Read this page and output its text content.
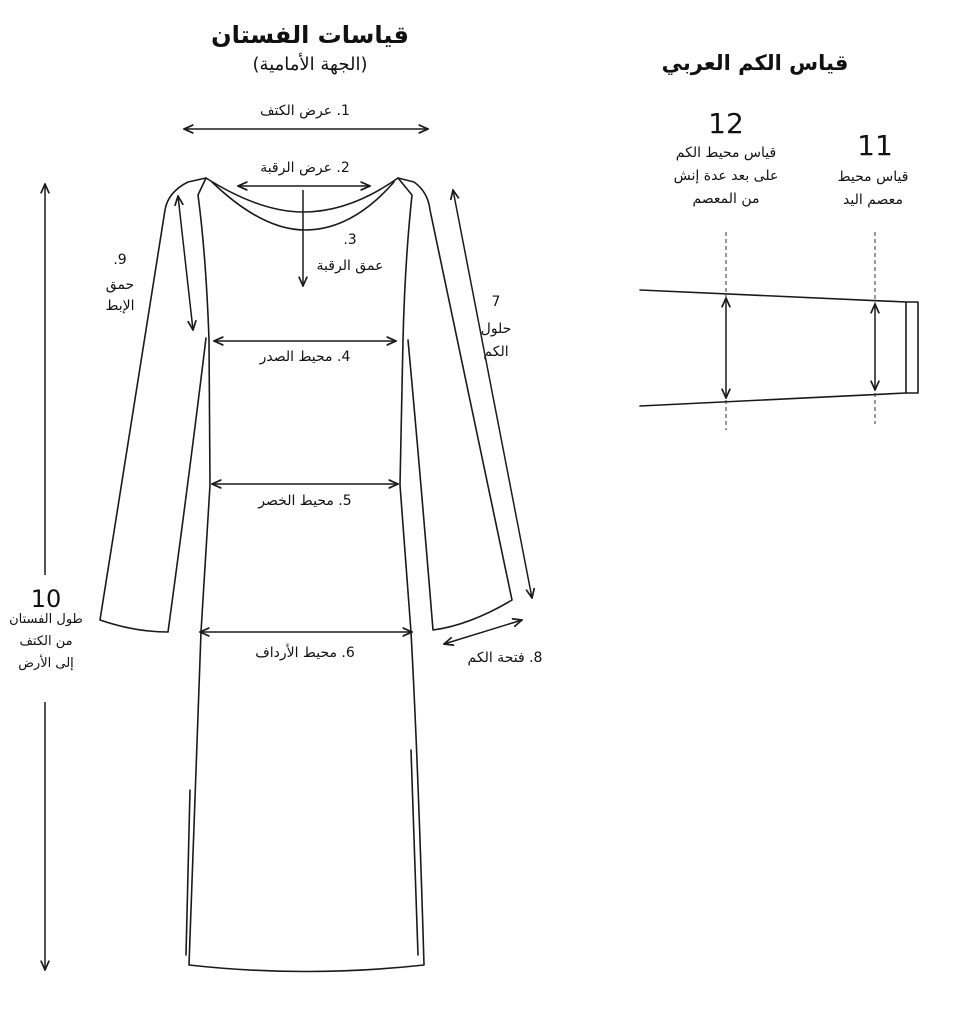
قياسات الفستان
(الجهة الأمامية)
1. عرض الكتف
2. عرض الرقبة
3.
عمق الرقبة
4. محيط الصدر
5. محيط الخصر
6. محيط الأرداف
7
حلول
الكم
8. فتحة الكم
9.
حمق
الإبط
10
طول الفستان
من الكتف
إلى الأرض
قياس الكم العربي
12
قياس محيط الكم
على بعد عدة إنش
من المعصم
11
قياس محيط
معصم اليد
